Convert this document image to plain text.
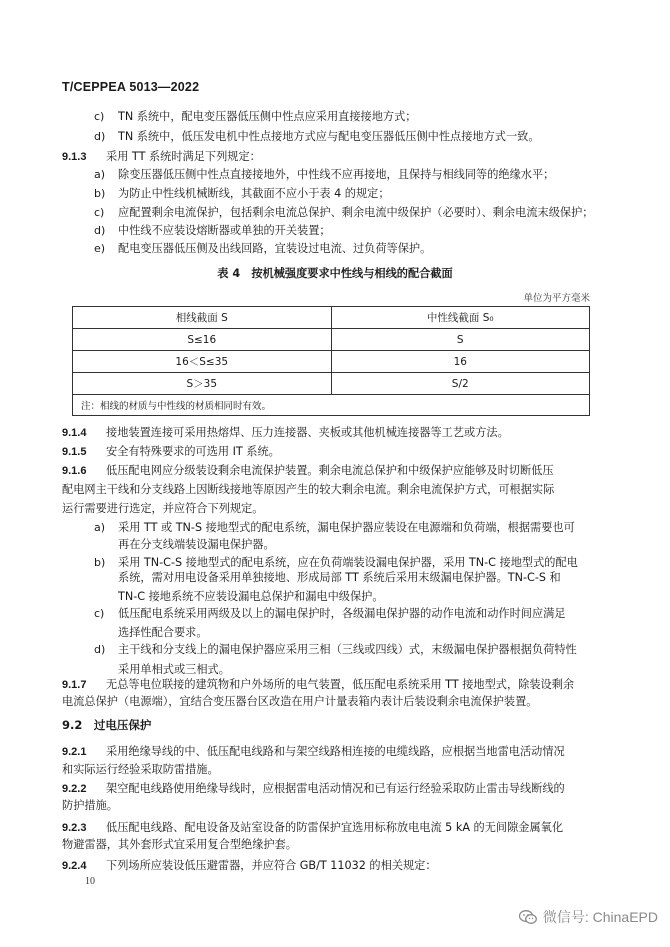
T/CEPPEA 5013—2022
c) TN 系统中，配电变压器低压侧中性点应采用直接接地方式；
d) TN 系统中，低压发电机中性点接地方式应与配电变压器低压侧中性点接地方式一致。
9.1.3 采用 TT 系统时满足下列规定：
a) 除变压器低压侧中性点直接接地外，中性线不应再接地，且保持与相线同等的绝缘水平；
b) 为防止中性线机械断线，其截面不应小于表 4 的规定；
c) 应配置剩余电流保护，包括剩余电流总保护、剩余电流中级保护（必要时）、剩余电流末级保护；
d) 中性线不应装设熔断器或单独的开关装置；
e) 配电变压器低压侧及出线回路，宜装设过电流、过负荷等保护。
表 4　按机械强度要求中性线与相线的配合截面
单位为平方毫米
相线截面 S	中性线截面 S₀
S≤16	S
16＜S≤35	16
S＞35	S/2
注：相线的材质与中性线的材质相同时有效。	
9.1.4 接地装置连接可采用热熔焊、压力连接器、夹板或其他机械连接器等工艺或方法。
9.1.5 安全有特殊要求的可选用 IT 系统。
9.1.6 低压配电网应分级装设剩余电流保护装置。剩余电流总保护和中级保护应能够及时切断低压
配电网主干线和分支线路上因断线接地等原因产生的较大剩余电流。剩余电流保护方式，可根据实际
运行需要进行选定，并应符合下列规定。
a) 采用 TT 或 TN-S 接地型式的配电系统，漏电保护器应装设在电源端和负荷端，根据需要也可
再在分支线端装设漏电保护器。
b) 采用 TN-C-S 接地型式的配电系统，应在负荷端装设漏电保护器，采用 TN-C 接地型式的配电
系统，需对用电设备采用单独接地、形成局部 TT 系统后采用末级漏电保护器。TN-C-S 和
TN-C 接地系统不应装设漏电总保护和漏电中级保护。
c) 低压配电系统采用两级及以上的漏电保护时，各级漏电保护器的动作电流和动作时间应满足
选择性配合要求。
d) 主干线和分支线上的漏电保护器应采用三相（三线或四线）式，末级漏电保护器根据负荷特性
采用单相式或三相式。
9.1.7 无总等电位联接的建筑物和户外场所的电气装置，低压配电系统采用 TT 接地型式，除装设剩余
电流总保护（电源端），宜结合变压器台区改造在用户计量表箱内表计后装设剩余电流保护装置。
9.2　 过电压保护
9.2.1 采用绝缘导线的中、低压配电线路和与架空线路相连接的电缆线路，应根据当地雷电活动情况
和实际运行经验采取防雷措施。
9.2.2 架空配电线路使用绝缘导线时，应根据雷电活动情况和已有运行经验采取防止雷击导线断线的
防护措施。
9.2.3 低压配电线路、配电设备及站室设备的防雷保护宜选用标称放电电流 5 kA 的无间隙金属氧化
物避雷器，其外套形式宜采用复合型绝缘护套。
9.2.4 下列场所应装设低压避雷器，并应符合 GB/T 11032 的相关规定：
10
微信号: ChinaEPD
